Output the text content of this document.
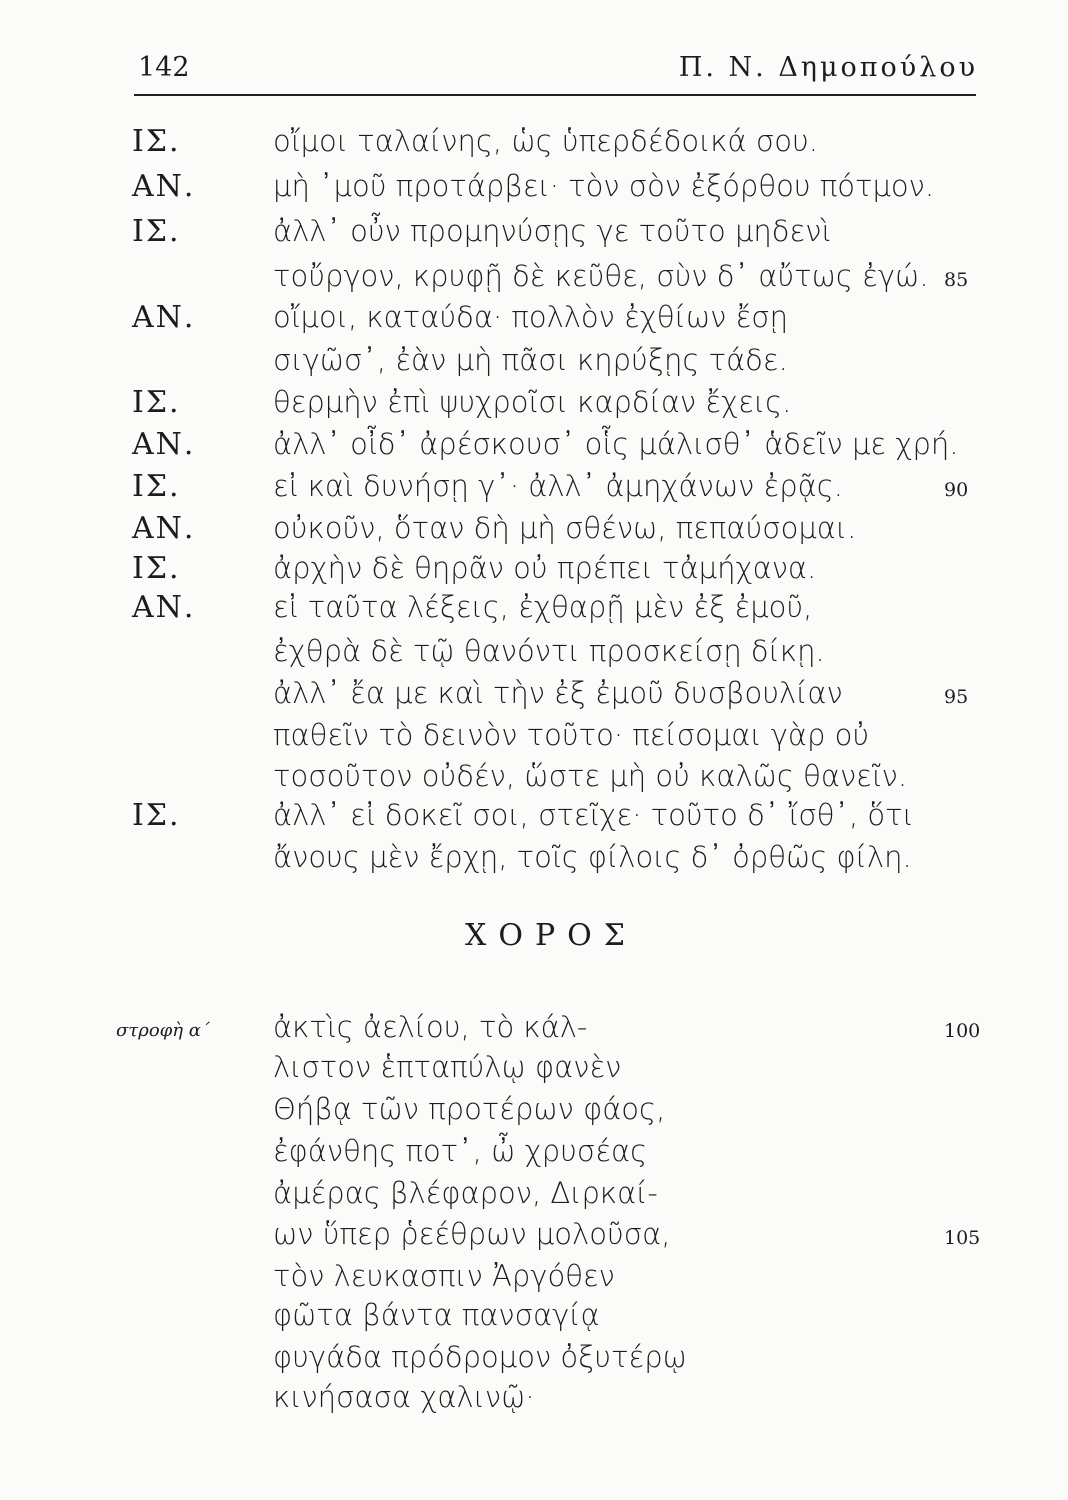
142	Π. Ν. Δημοπούλου
ΙΣ.	οἴμοι ταλαίνης, ὡς ὑπερδέδοικά σου.
ΑΝ.	μὴ ᾽μοῦ προτάρβει· τὸν σὸν ἐξόρθου πότμον.
ΙΣ.	ἀλλ᾽ οὖν προμηνύσῃς γε τοῦτο μηδενὶ
τοὔργον, κρυφῇ δὲ κεῦθε, σὺν δ᾽ αὔτως ἐγώ. 85
ΑΝ.	οἴμοι, καταύδα· πολλὸν ἐχθίων ἔσῃ
σιγῶσ᾽, ἐὰν μὴ πᾶσι κηρύξῃς τάδε.
ΙΣ.	θερμὴν ἐπὶ ψυχροῖσι καρδίαν ἔχεις.
ΑΝ.	ἀλλ᾽ οἶδ᾽ ἀρέσκουσ᾽ οἷς μάλισθ᾽ ἁδεῖν με χρή.
ΙΣ.	εἰ καὶ δυνήσῃ γ᾽· ἀλλ᾽ ἀμηχάνων ἐρᾷς.	90
ΑΝ.	οὐκοῦν, ὅταν δὴ μὴ σθένω, πεπαύσομαι.
ΙΣ.	ἀρχὴν δὲ θηρᾶν οὐ πρέπει τἀμήχανα.
ΑΝ.	εἰ ταῦτα λέξεις, ἐχθαρῇ μὲν ἐξ ἐμοῦ,
ἐχθρὰ δὲ τῷ θανόντι προσκείσῃ δίκῃ.
ἀλλ᾽ ἔα με καὶ τὴν ἐξ ἐμοῦ δυσβουλίαν	95
παθεῖν τὸ δεινὸν τοῦτο· πείσομαι γὰρ οὐ
τοσοῦτον οὐδέν, ὥστε μὴ οὐ καλῶς θανεῖν.
ΙΣ.	ἀλλ᾽ εἰ δοκεῖ σοι, στεῖχε· τοῦτο δ᾽ ἴσθ᾽, ὅτι
ἄνους μὲν ἔρχῃ, τοῖς φίλοις δ᾽ ὀρθῶς φίλη.
ΧΟΡΟΣ
στροφὴ α´ ἀκτὶς ἀελίου, τὸ κάλ-	100
λιστον ἑπταπύλῳ φανὲν
Θήβᾳ τῶν προτέρων φάος,
ἐφάνθης ποτ᾽, ὦ χρυσέας
ἀμέρας βλέφαρον, Διρκαί-
ων ὕπερ ῥεέθρων μολοῦσα,	105
τὸν λευκασπιν Ἀργόθεν
φῶτα βάντα πανσαγίᾳ
φυγάδα πρόδρομον ὀξυτέρῳ
κινήσασα χαλινῷ·
